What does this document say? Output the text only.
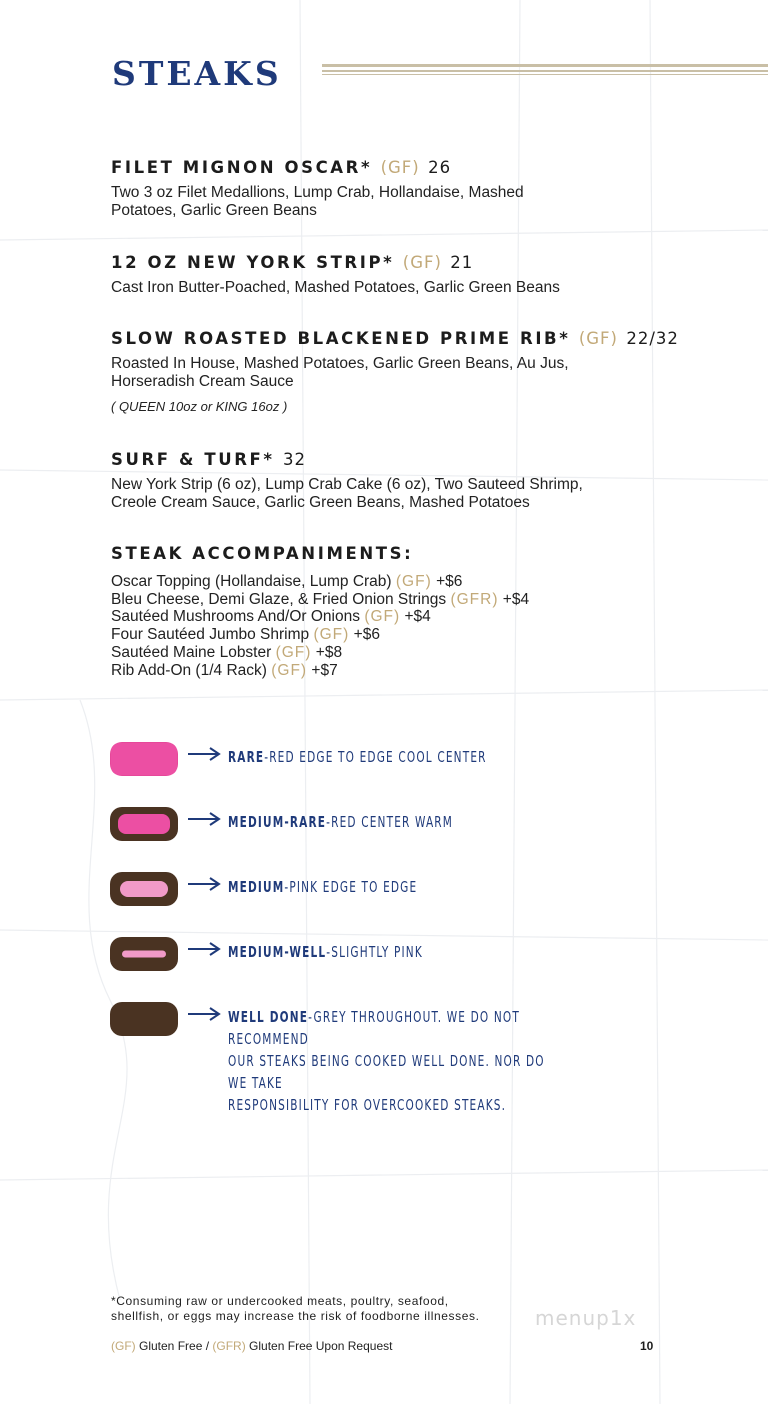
STEAKS
FILET MIGNON OSCAR* (GF) 26
Two 3 oz Filet Medallions, Lump Crab, Hollandaise, Mashed
Potatoes, Garlic Green Beans
12 OZ NEW YORK STRIP* (GF) 21
Cast Iron Butter-Poached, Mashed Potatoes, Garlic Green Beans
SLOW ROASTED BLACKENED PRIME RIB* (GF) 22/32
Roasted In House, Mashed Potatoes, Garlic Green Beans, Au Jus,
Horseradish Cream Sauce
( QUEEN 10oz or KING 16oz )
SURF & TURF* 32
New York Strip (6 oz), Lump Crab Cake (6 oz), Two Sauteed Shrimp,
Creole Cream Sauce, Garlic Green Beans, Mashed Potatoes
STEAK ACCOMPANIMENTS:
Oscar Topping (Hollandaise, Lump Crab) (GF) +$6
Bleu Cheese, Demi Glaze, & Fried Onion Strings (GFR) +$4
Sautéed Mushrooms And/Or Onions (GF) +$4
Four Sautéed Jumbo Shrimp (GF) +$6
Sautéed Maine Lobster (GF) +$8
Rib Add-On (1/4 Rack) (GF) +$7
RARE-RED EDGE TO EDGE COOL CENTER
MEDIUM-RARE-RED CENTER WARM
MEDIUM-PINK EDGE TO EDGE
MEDIUM-WELL-SLIGHTLY PINK
WELL DONE-GREY THROUGHOUT. WE DO NOT RECOMMEND
OUR STEAKS BEING COOKED WELL DONE. NOR DO WE TAKE
RESPONSIBILITY FOR OVERCOOKED STEAKS.
*Consuming raw or undercooked meats, poultry, seafood,
shellfish, or eggs may increase the risk of foodborne illnesses.	menup1x
(GF) Gluten Free / (GFR) Gluten Free Upon Request	10
